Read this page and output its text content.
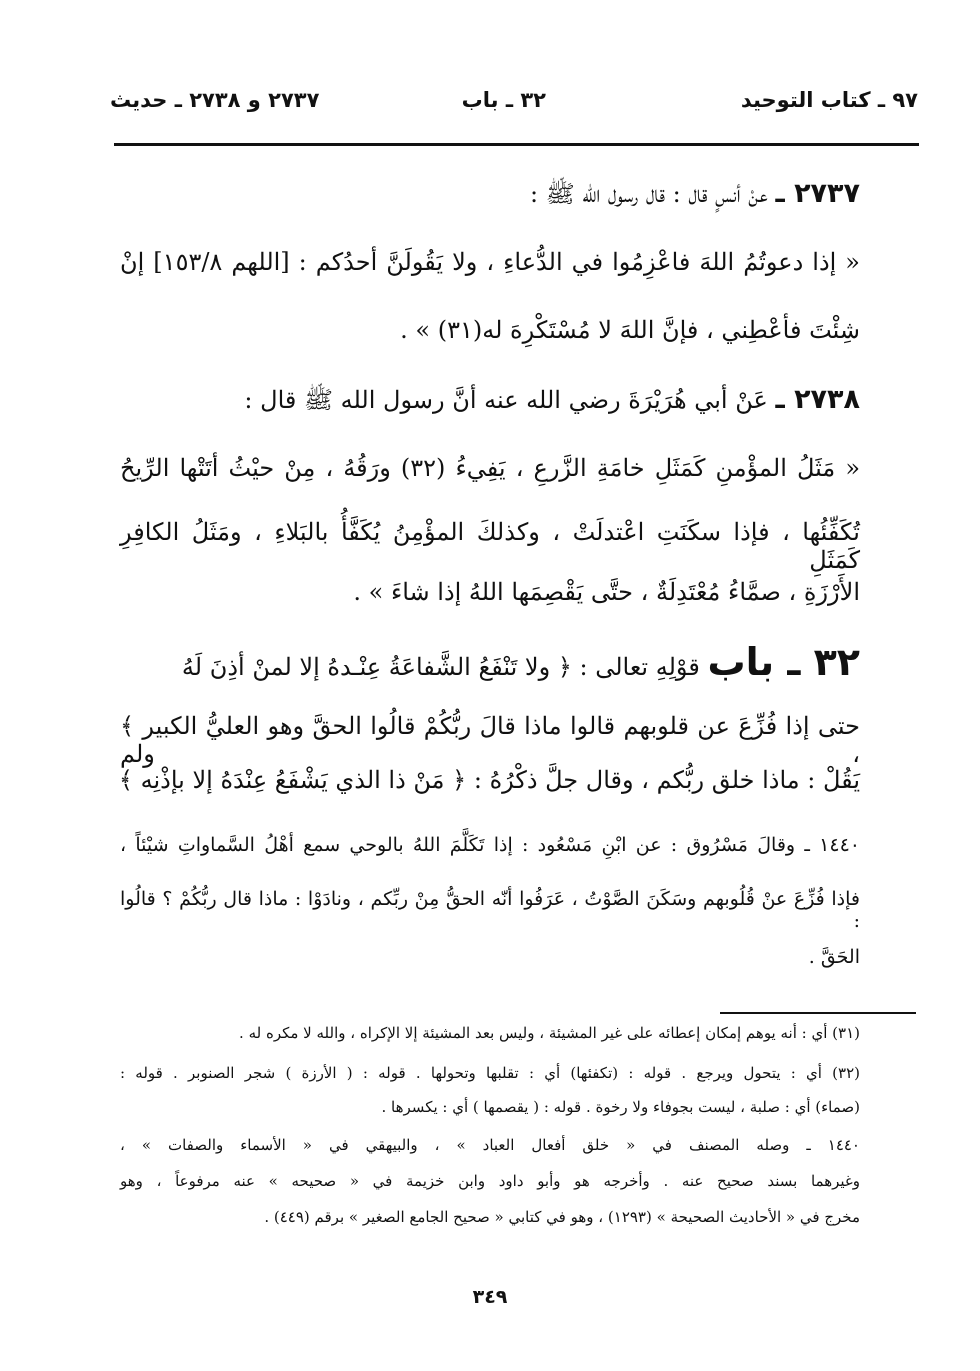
٩٧ ـ كتاب التوحيد
٣٢ ـ باب
٢٧٣٧ و ٢٧٣٨ ـ حديث
٢٧٣٧ ـ عنْ أنسٍ قال : قال رسول الله ﷺ :
« إذا دعوتُمُ اللهَ فاعْزِمُوا في الدُّعاءِ ، ولا يَقُولَنَّ أحدُكم : [اللهم ١٥٣/٨] إنْ
شِئْتَ فأعْطِني ، فإنَّ اللهَ لا مُسْتَكْرِهَ له(٣١) » .
٢٧٣٨ ـ عَنْ أبي هُرَيْرَةَ رضي الله عنه أنَّ رسول الله ﷺ قال :
« مَثَلُ المؤْمنِ كَمَثَلِ خامَةِ الزَّرعِ ، يَفِيءُ (٣٢) ورَقُهُ ، مِنْ حيْثُ أتَتْها الرِّيحُ
تُكَفِّئُها ، فإذا سكَنَتِ اعْتدلَتْ ، وكذلكَ المؤْمِنُ يُكَفَّأُ بالبَلاءِ ، ومَثَلُ الكافِرِ كَمَثَلِ
الأَرْزَةِ ، صمَّاءُ مُعْتَدِلَةٌ ، حتَّى يَقْصِمَها اللهُ إذا شاءَ » .
٣٢ ـ باب قوْلِهِ تعالى : ﴿ ولا تَنْفَعُ الشَّفاعَةُ عِنْـدهُ إلا لمنْ أذِنَ لَهُ
حتى إذا فُزِّعَ عن قلوبهم قالوا ماذا قالَ ربُّكُمْ قالُوا الحقَّ وهو العليُّ الكبير ﴾ ، ولم
يَقُلْ : ماذا خلق ربُّكم ، وقال جلَّ ذكْرُهُ : ﴿ مَنْ ذا الذي يَشْفَعُ عِنْدَهُ إلا بإذْنِه ﴾
١٤٤٠ ـ وقالَ مَسْرُوق : عن ابْنِ مَسْعُود : إذا تَكَلَّمَ اللهُ بالوحي سمع أهْلُ السَّماواتِ شيْئاً ،
فإذا فُزِّعَ عنْ قُلُوبهم وسَكَنَ الصَّوْتُ ، عَرَفُوا أنّه الحقُّ مِنْ ربِّكم ، ونادَوْا : ماذا قال ربُّكُمْ ؟ قالُوا :
الحَقَّ .
(٣١) أي : أنه يوهم إمكان إعطائه على غير المشيئة ، وليس بعد المشيئة إلا الإكراه ، والله لا مكره له .
(٣٢) أي : يتحول ويرجع . قوله : (تكفئها) أي : تقلبها وتحولها . قوله : ( الأرزة ) شجر الصنوبر . قوله :
(صماء) أي : صلبة ، ليست بجوفاء ولا رخوة . قوله : ( يقصمها ) أي : يكسرها .
١٤٤٠ ـ وصله المصنف في « خلق أفعال العباد » ، والبيهقي في « الأسماء والصفات » ،
وغيرهما بسند صحيح عنه . وأخرجه هو وأبو داود وابن خزيمة في « صحيحه » عنه مرفوعاً ، وهو
مخرج في « الأحاديث الصحيحة » (١٢٩٣) ، وهو في كتابي « صحيح الجامع الصغير » برقم (٤٤٩) .
٣٤٩
